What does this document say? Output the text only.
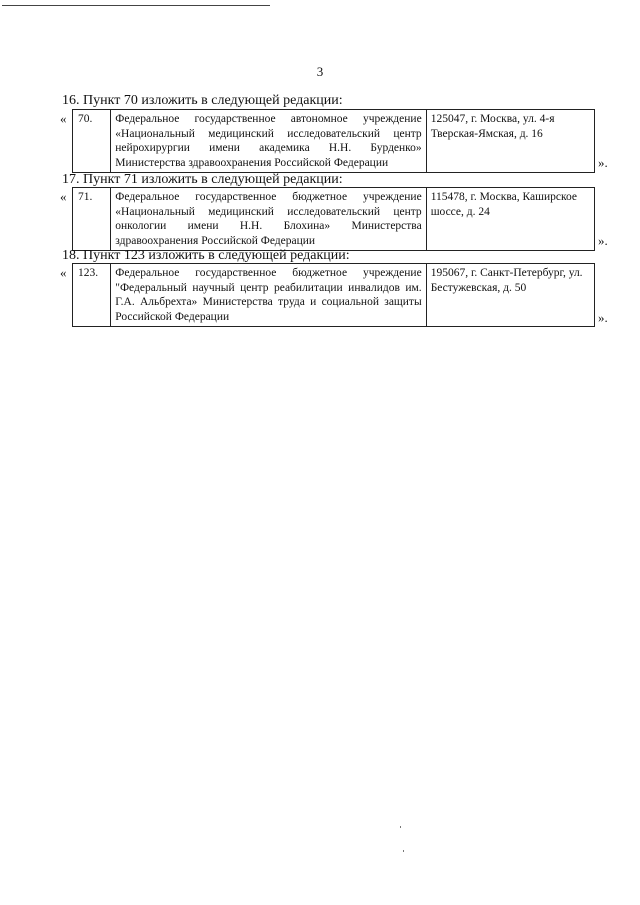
3
16. Пункт 70 изложить в следующей редакции:
« 70.	Федеральное государственное автономное учреждение «Национальный медицинский исследовательский центр нейрохирургии имени академика Н.Н. Бурденко» Министерства здравоохранения Российской Федерации	125047, г. Москва, ул. 4-я Тверская-Ямская, д. 16
».
17. Пункт 71 изложить в следующей редакции:
« 71.	Федеральное государственное бюджетное учреждение «Национальный медицинский исследовательский центр онкологии имени Н.Н. Блохина» Министерства здравоохранения Российской Федерации	115478, г. Москва, Каширское шоссе, д. 24
».
18. Пункт 123 изложить в следующей редакции:
« 123.	Федеральное государственное бюджетное учреждение "Федеральный научный центр реабилитации инвалидов им. Г.А. Альбрехта» Министерства труда и социальной защиты Российской Федерации	195067, г. Санкт-Петербург, ул. Бестужевская, д. 50
».
